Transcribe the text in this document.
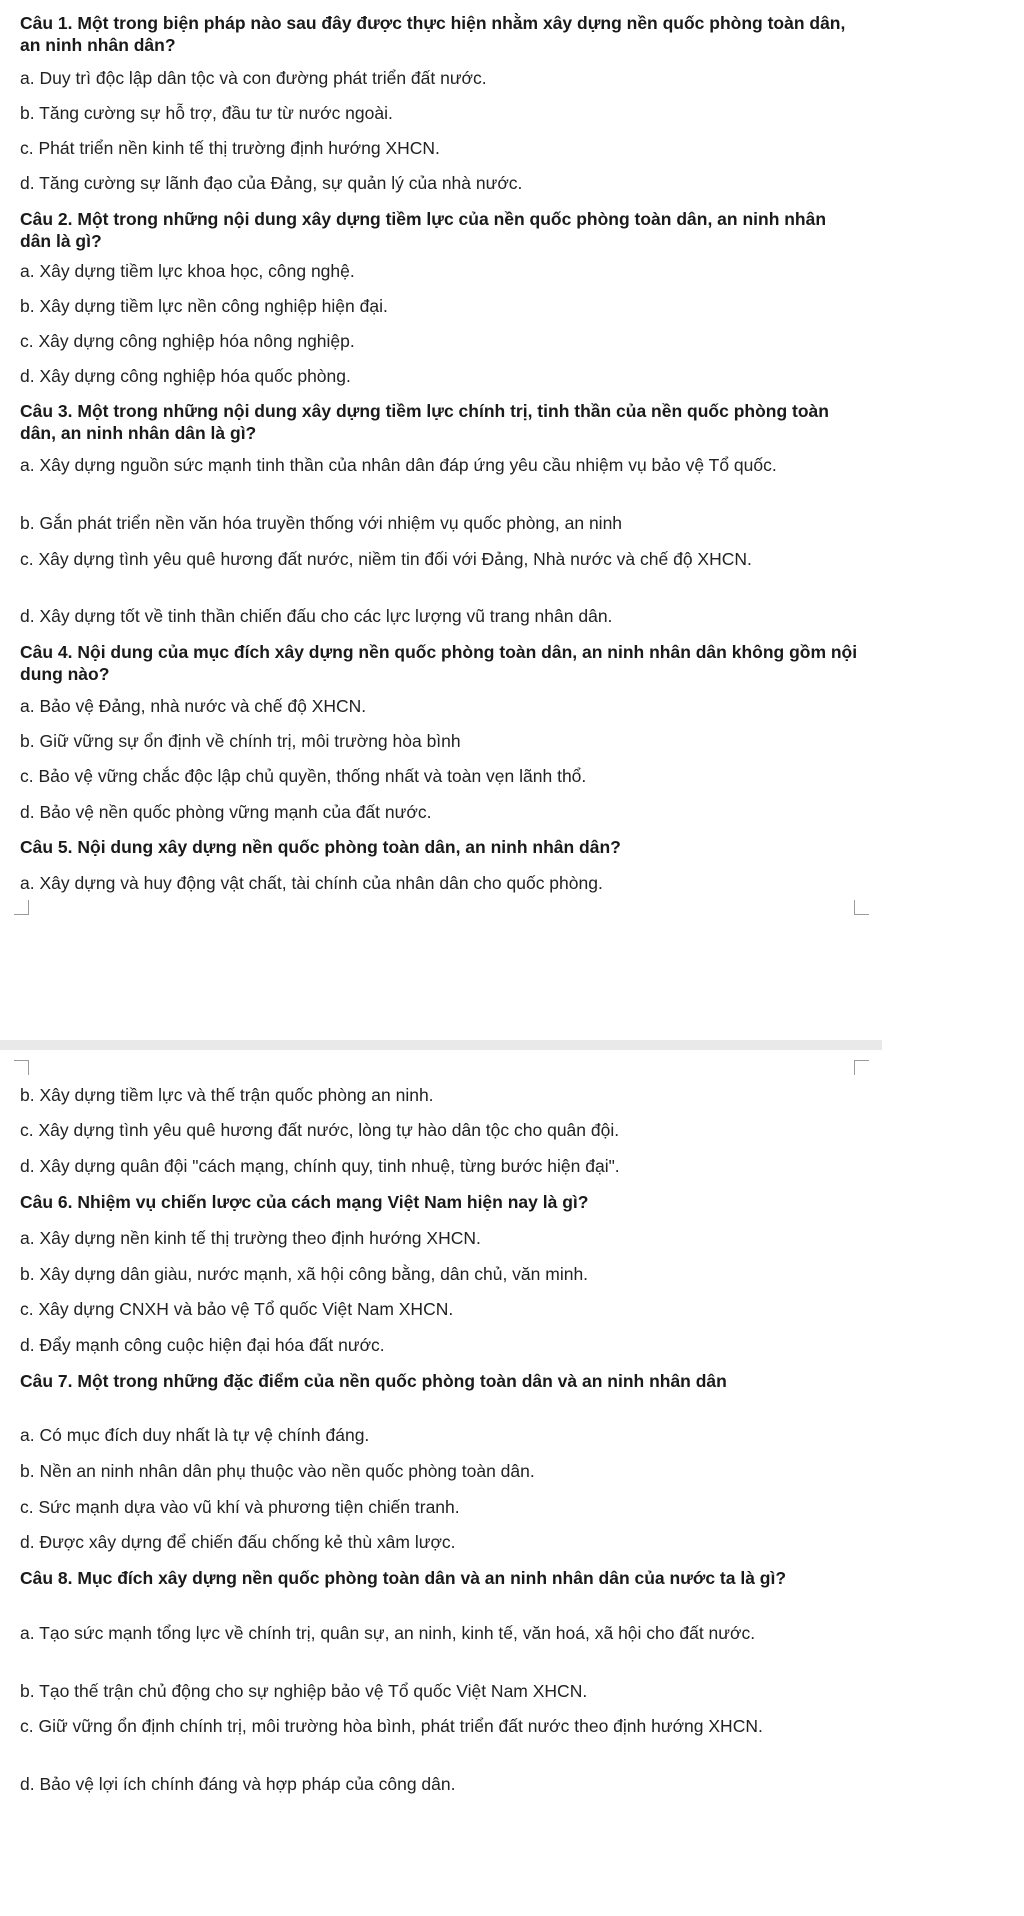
Câu 1. Một trong biện pháp nào sau đây được thực hiện nhằm xây dựng nền quốc phòng toàn dân, an ninh nhân dân?
a. Duy trì độc lập dân tộc và con đường phát triển đất nước.
b. Tăng cường sự hỗ trợ, đầu tư từ nước ngoài.
c. Phát triển nền kinh tế thị trường định hướng XHCN.
d. Tăng cường sự lãnh đạo của Đảng, sự quản lý của nhà nước.
Câu 2. Một trong những nội dung xây dựng tiềm lực của nền quốc phòng toàn dân, an ninh nhân dân là gì?
a. Xây dựng tiềm lực khoa học, công nghệ.
b. Xây dựng tiềm lực nền công nghiệp hiện đại.
c. Xây dựng công nghiệp hóa nông nghiệp.
d. Xây dựng công nghiệp hóa quốc phòng.
Câu 3. Một trong những nội dung xây dựng tiềm lực chính trị, tinh thần của nền quốc phòng toàn dân, an ninh nhân dân là gì?
a. Xây dựng nguồn sức mạnh tinh thần của nhân dân đáp ứng yêu cầu nhiệm vụ bảo vệ Tổ quốc.
b. Gắn phát triển nền văn hóa truyền thống với nhiệm vụ quốc phòng, an ninh
c. Xây dựng tình yêu quê hương đất nước, niềm tin đối với Đảng, Nhà nước và chế độ XHCN.
d. Xây dựng tốt về tinh thần chiến đấu cho các lực lượng vũ trang nhân dân.
Câu 4. Nội dung của mục đích xây dựng nền quốc phòng toàn dân, an ninh nhân dân không gồm nội dung nào?
a. Bảo vệ Đảng, nhà nước và chế độ XHCN.
b. Giữ vững sự ổn định về chính trị, môi trường hòa bình
c. Bảo vệ vững chắc độc lập chủ quyền, thống nhất và toàn vẹn lãnh thổ.
d. Bảo vệ nền quốc phòng vững mạnh của đất nước.
Câu 5. Nội dung xây dựng nền quốc phòng toàn dân, an ninh nhân dân?
a. Xây dựng và huy động vật chất, tài chính của nhân dân cho quốc phòng.
b. Xây dựng tiềm lực và thế trận quốc phòng an ninh.
c. Xây dựng tình yêu quê hương đất nước, lòng tự hào dân tộc cho quân đội.
d. Xây dựng quân đội "cách mạng, chính quy, tinh nhuệ, từng bước hiện đại".
Câu 6. Nhiệm vụ chiến lược của cách mạng Việt Nam hiện nay là gì?
a. Xây dựng nền kinh tế thị trường theo định hướng XHCN.
b. Xây dựng dân giàu, nước mạnh, xã hội công bằng, dân chủ, văn minh.
c. Xây dựng CNXH và bảo vệ Tổ quốc Việt Nam XHCN.
d. Đẩy mạnh công cuộc hiện đại hóa đất nước.
Câu 7. Một trong những đặc điểm của nền quốc phòng toàn dân và an ninh nhân dân
a. Có mục đích duy nhất là tự vệ chính đáng.
b. Nền an ninh nhân dân phụ thuộc vào nền quốc phòng toàn dân.
c. Sức mạnh dựa vào vũ khí và phương tiện chiến tranh.
d. Được xây dựng để chiến đấu chống kẻ thù xâm lược.
Câu 8. Mục đích xây dựng nền quốc phòng toàn dân và an ninh nhân dân của nước ta là gì?
a. Tạo sức mạnh tổng lực về chính trị, quân sự, an ninh, kinh tế, văn hoá, xã hội cho đất nước.
b. Tạo thế trận chủ động cho sự nghiệp bảo vệ Tổ quốc Việt Nam XHCN.
c. Giữ vững ổn định chính trị, môi trường hòa bình, phát triển đất nước theo định hướng XHCN.
d. Bảo vệ lợi ích chính đáng và hợp pháp của công dân.
